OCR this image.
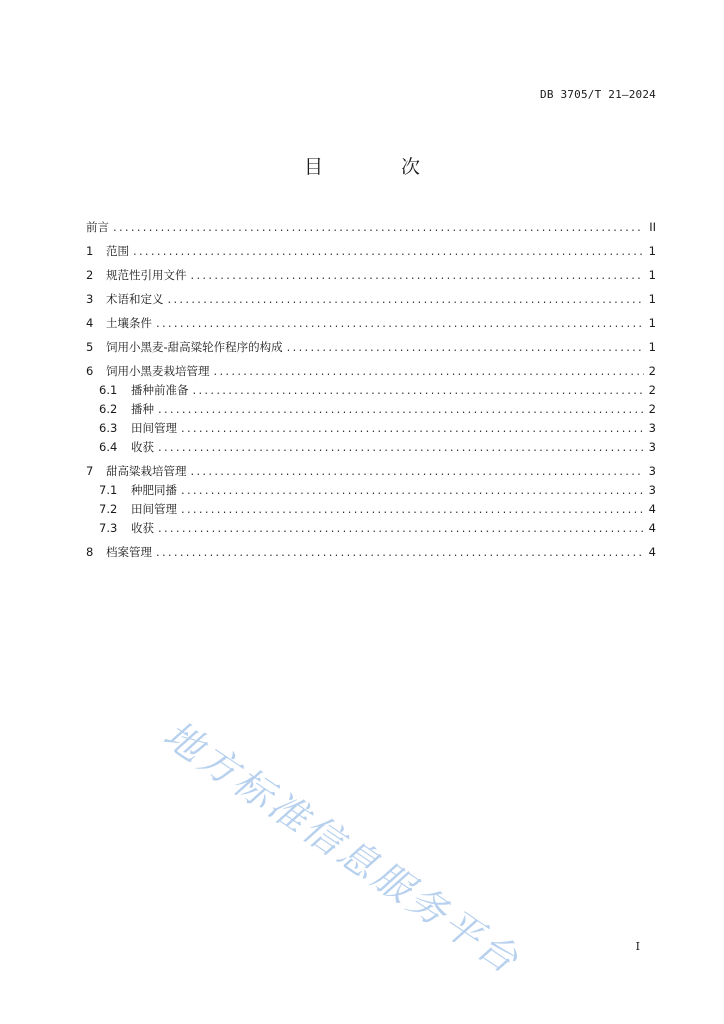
DB 3705/T 21—2024
目 次
前言 .....	II
1	范围 .....	1
2	规范性引用文件 .....	1
3	术语和定义 .....	1
4	土壤条件 .....	1
5	饲用小黑麦-甜高粱轮作程序的构成 .....	1
6	饲用小黑麦栽培管理 .....	2
6.1	播种前准备 .....	2
6.2	播种 .....	2
6.3	田间管理 .....	3
6.4	收获 .....	3
7	甜高粱栽培管理 .....	3
7.1	种肥同播 .....	3
7.2	田间管理 .....	4
7.3	收获 .....	4
8	档案管理 .....	4
地方标准信息服务平台	I
